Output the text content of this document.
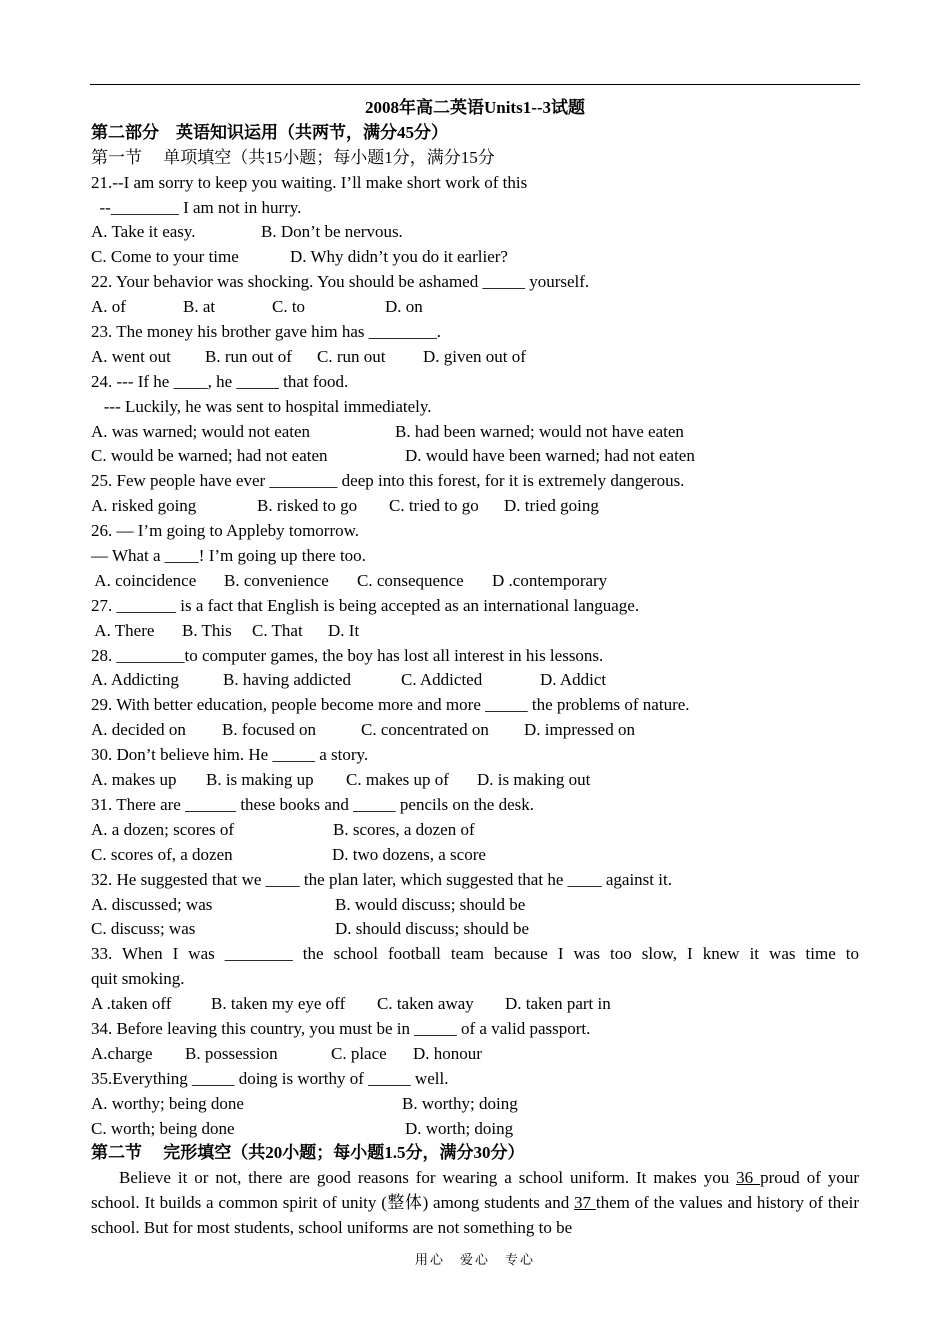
2008年高二英语Units1--3试题
第二部分　英语知识运用（共两节，满分45分）
第一节　 单项填空（共15小题；每小题1分，满分15分
21.--I am sorry to keep you waiting. I’ll make short work of this
--________ I am not in hurry.
A. Take it easy.	B. Don’t be nervous.
C. Come to your time	D. Why didn’t you do it earlier?
22. Your behavior was shocking. You should be ashamed _____ yourself.
A. of	B. at	C. to	D. on
23. The money his brother gave him has ________.
A. went out	B. run out of	C. run out	D. given out of
24. --- If he ____, he _____ that food.
--- Luckily, he was sent to hospital immediately.
A. was warned; would not eaten	B. had been warned; would not have eaten
C. would be warned; had not eaten	D. would have been warned; had not eaten
25. Few people have ever ________ deep into this forest, for it is extremely dangerous.
A. risked going	B. risked to go	C. tried to go	D. tried going
26. — I’m going to Appleby tomorrow.
— What a ____! I’m going up there too.
A. coincidence	B. convenience	C. consequence	D .contemporary
27. _______ is a fact that English is being accepted as an international language.
A. There	B. This	C. That	D. It
28. ________to computer games, the boy has lost all interest in his lessons.
A. Addicting	B. having addicted	C. Addicted	D. Addict
29. With better education, people become more and more _____ the problems of nature.
A. decided on	B. focused on	C. concentrated on	D. impressed on
30. Don’t believe him. He _____ a story.
A. makes up	B. is making up	C. makes up of	D. is making out
31. There are ______ these books and _____ pencils on the desk.
A. a dozen; scores of	B. scores, a dozen of
C. scores of, a dozen	D. two dozens, a score
32. He suggested that we ____ the plan later, which suggested that he ____ against it.
A. discussed; was	B. would discuss; should be
C. discuss; was	D. should discuss; should be
33. When I was ________ the school football team because I was too slow, I knew it was time to
quit smoking.
A .taken off	B. taken my eye off	C. taken away	D. taken part in
34. Before leaving this country, you must be in _____ of a valid passport.
A.charge	B. possession	C. place	D. honour
35.Everything _____ doing is worthy of _____ well.
A. worthy; being done	B. worthy; doing
C. worth; being done	D. worth; doing
第二节　 完形填空（共20小题；每小题1.5分，满分30分）
Believe it or not, there are good reasons for wearing a school uniform. It makes you 36 proud of your school. It builds a common spirit of unity (整体) among students and 37 them of the values and history of their school. But for most students, school uniforms are not something to be
用心　爱心　专心
